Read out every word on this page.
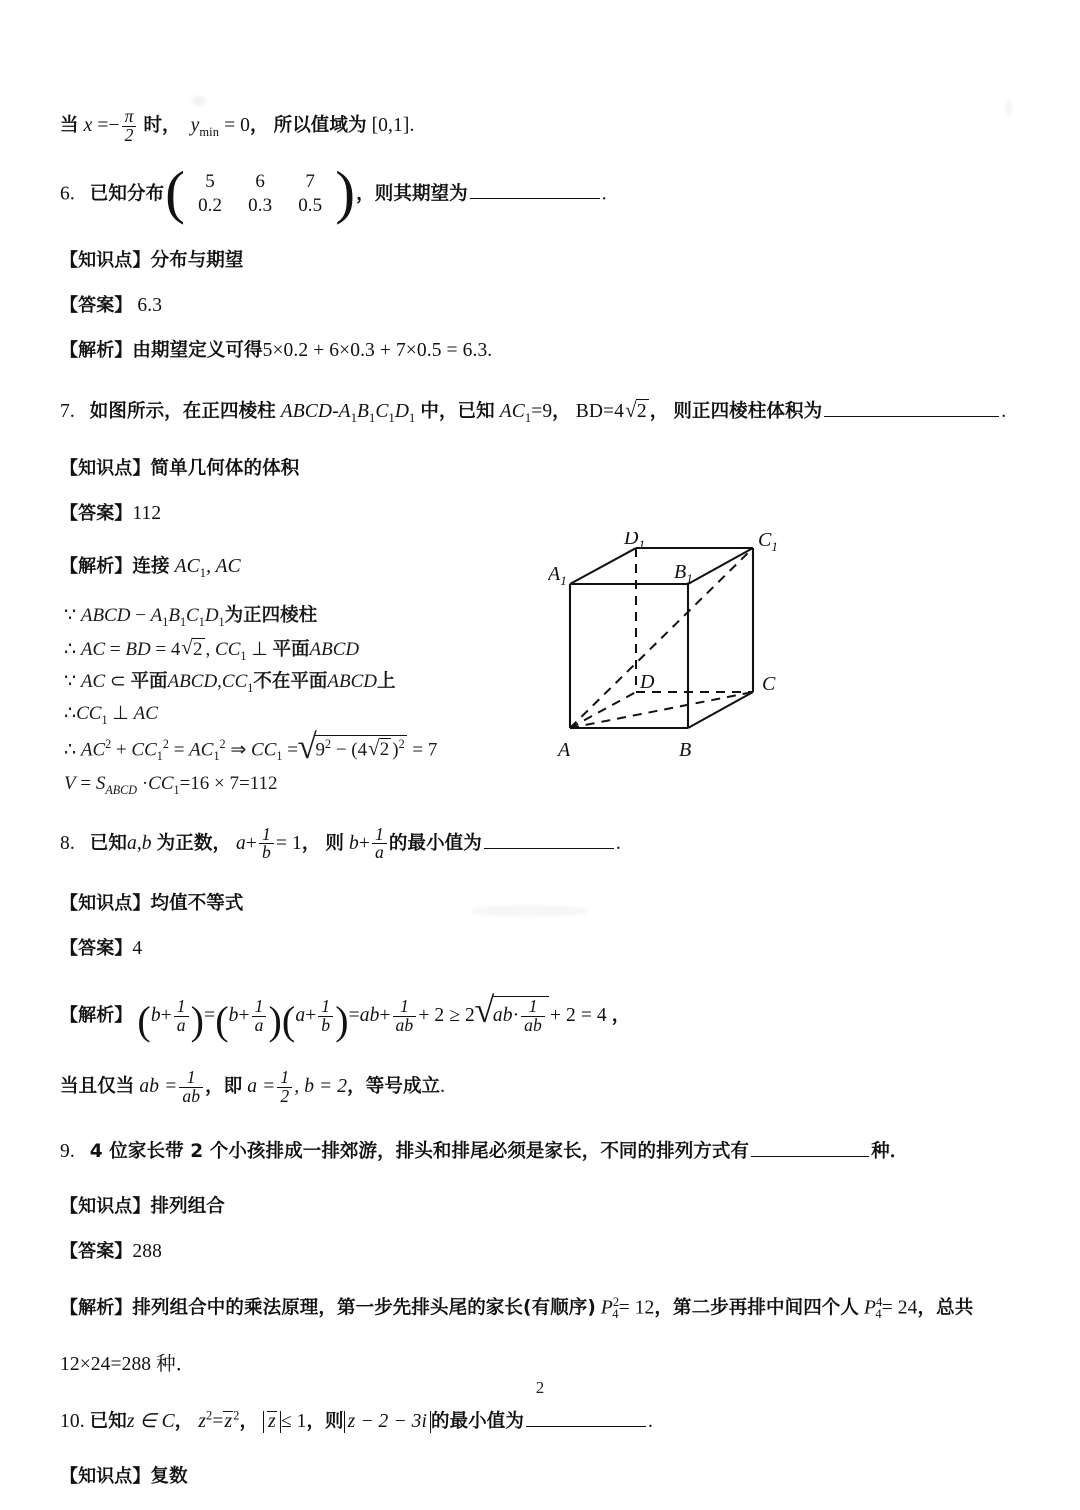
当 $x =- \frac{\pi}{2}$ 时， $y_{min} = 0$， 所以值域为 [0,1].
6. 已知分布( 5	6	7
0.2	0.3	0.5 )，则其期望为	.
【知识点】分布与期望
【答案】 6.3
【解析】由期望定义可得5×0.2 + 6×0.3 + 7×0.5 = 6.3.
7. 如图所示，在正四棱柱 ABCD-$A_1B_1C_1D_1$ 中，已知 $AC_1=9$， BD=4 √ 2 ， 则正四棱柱体积为	.
【知识点】简单几何体的体积
【答案】112
【解析】连接 $AC_1$, AC
∵ ABCD − $A_1B_1C_1D_1$为正四棱柱
∴ AC = BD = 4 √ 2 , $CC_1$ ⊥ 平面ABCD
∵ AC ⊂ 平面$ABCD,CC_1$不在平面ABCD上
$\therefore CC_1$ ⊥ AC
∴ $AC^2 + CC_1^2 = AC_1^2$ ⇒ $CC_1$ = √ $9^2 - (4$ √ 2 )$^2$ = 7
$V = S_{ABCD} \cdot CC_1=16 \times 7=112$
8. 已知a,b 为正数， $a+ \frac{1}{b} = 1$， 则 $b+ \frac{1}{a}$ 的最小值为	.
【知识点】均值不等式
【答案】4
【解析】 $(b+ \frac{1}{a} )=(b+ \frac{1}{a} )(a+ \frac{1}{b} )=ab+ \frac{1}{ab} + 2 \ge 2$ √ $ab\cdot \frac{1}{ab} + 2 = 4$ ，
当且仅当 ab = $\frac{1}{ab}$ ，即 $a = \frac{1}{2}$ , b = 2，等号成立.
9. 4 位家长带 2 个小孩排成一排郊游，排头和排尾必须是家长，不同的排列方式有	种．
【知识点】排列组合
【答案】288
【解析】排列组合中的乘法原理，第一步先排头尾的家长(有顺序) $P^2_4= 12$，第二步再排中间四个人 $P^4_4= 24$，总共
12×24=288 种．
10. 已知z ∈ C， $z^2=z^2$， z ≤ 1，则 z − 2 − 3i 的最小值为	.
【知识点】复数
A	B
C
D
$A_1$	$B_1$
$C_1$
$D_1$
2
